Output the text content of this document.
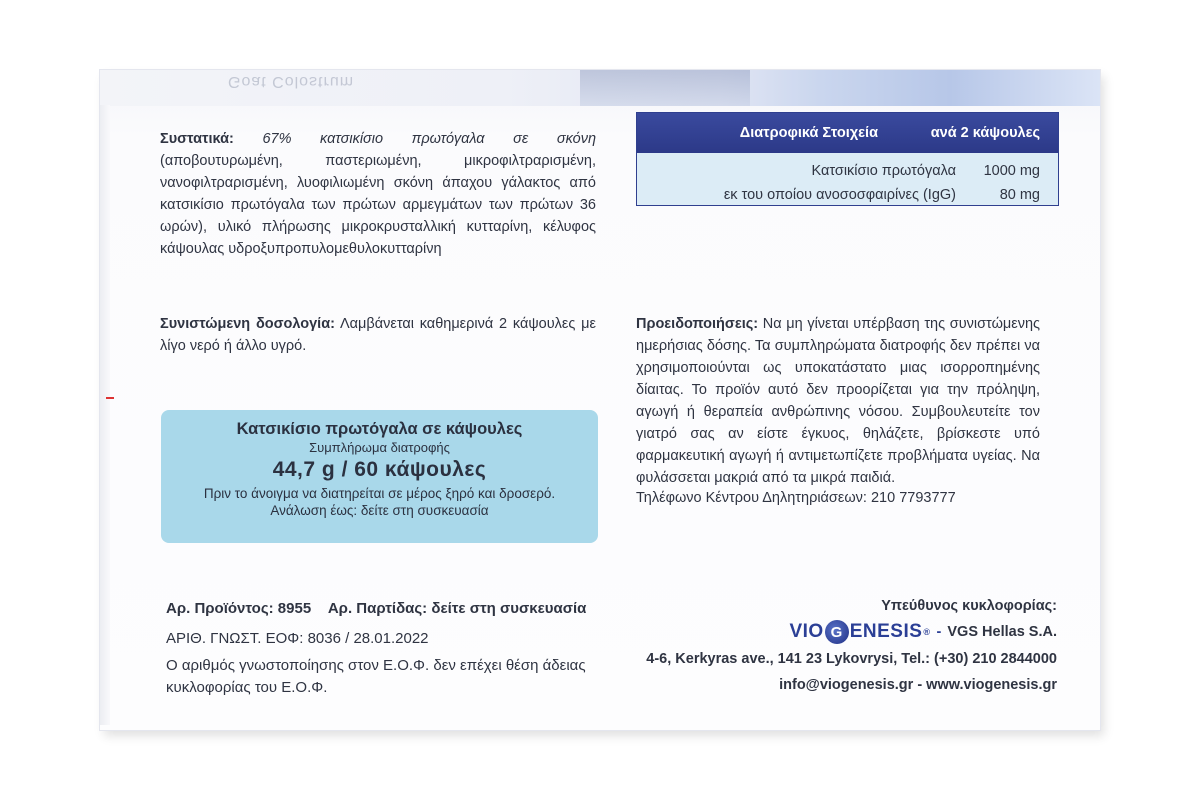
Goat Colostrum

Συστατικά: 67% κατσικίσιο πρωτόγαλα σε σκόνη (αποβουτυρωμένη, παστεριωμένη, μικροφιλτραρισμένη, νανοφιλτραρισμένη, λυοφιλιωμένη σκόνη άπαχου γάλακτος από κατσικίσιο πρωτόγαλα των πρώτων αρμεγμάτων των πρώτων 36 ωρών), υλικό πλήρωσης μικροκρυσταλλική κυτταρίνη, κέλυφος κάψουλας υδροξυπροπυλομεθυλοκυτταρίνη

Διατροφικά Στοιχεία	ανά 2 κάψουλες
Κατσικίσιο πρωτόγαλα	1000 mg
εκ του οποίου ανοσοσφαιρίνες (IgG)	80 mg

Συνιστώμενη δοσολογία: Λαμβάνεται καθημερινά 2 κάψουλες με λίγο νερό ή άλλο υγρό.

Προειδοποιήσεις: Να μη γίνεται υπέρβαση της συνιστώμενης ημερήσιας δόσης. Τα συμπληρώματα διατροφής δεν πρέπει να χρησιμοποιούνται ως υποκατάστατο μιας ισορροπημένης δίαιτας. Το προϊόν αυτό δεν προορίζεται για την πρόληψη, αγωγή ή θεραπεία ανθρώπινης νόσου. Συμβουλευτείτε τον γιατρό σας αν είστε έγκυος, θηλάζετε, βρίσκεστε υπό φαρμακευτική αγωγή ή αντιμετωπίζετε προβλήματα υγείας. Να φυλάσσεται μακριά από τα μικρά παιδιά.

Τηλέφωνο Κέντρου Δηλητηριάσεων: 210 7793777
Κατσικίσιο πρωτόγαλα σε κάψουλες
Συμπλήρωμα διατροφής
44,7 g / 60 κάψουλες
Πριν το άνοιγμα να διατηρείται σε μέρος ξηρό και δροσερό.
Ανάλωση έως: δείτε στη συσκευασία
Αρ. Προϊόντος: 8955 Αρ. Παρτίδας: δείτε στη συσκευασία
ΑΡΙΘ. ΓΝΩΣΤ. ΕΟΦ: 8036 / 28.01.2022
Ο αριθμός γνωστοποίησης στον Ε.Ο.Φ. δεν επέχει θέση άδειας κυκλοφορίας του Ε.Ο.Φ.
Υπεύθυνος κυκλοφορίας:
VIO G ENESIS ® - VGS Hellas S.A.
4-6, Kerkyras ave., 141 23 Lykovrysi, Tel.: (+30) 210 2844000
info@viogenesis.gr - www.viogenesis.gr
